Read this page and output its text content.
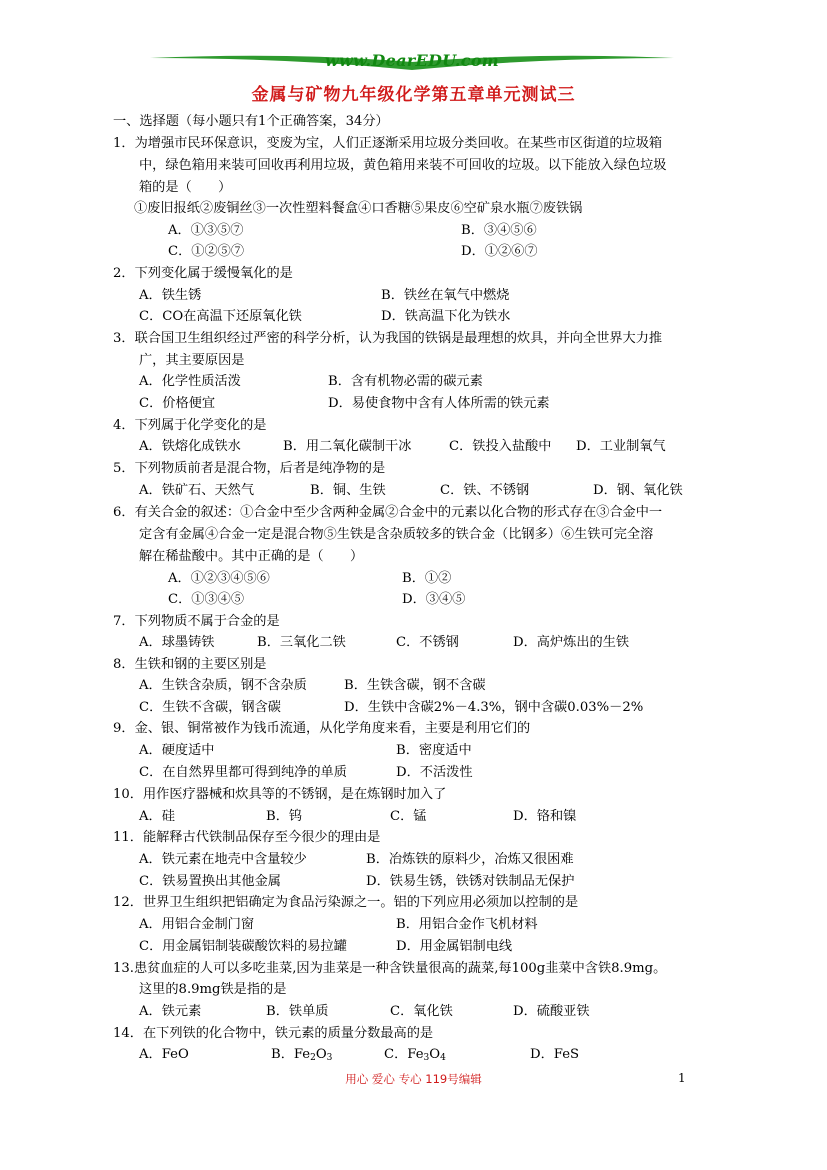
www.DearEDU.com
金属与矿物九年级化学第五章单元测试三
一、选择题（每小题只有1个正确答案，34分）
1．为增强市民环保意识，变废为宝，人们正逐渐采用垃圾分类回收。在某些市区街道的垃圾箱
中，绿色箱用来装可回收再利用垃圾，黄色箱用来装不可回收的垃圾。以下能放入绿色垃圾
箱的是（　　）
①废旧报纸②废铜丝③一次性塑料餐盒④口香糖⑤果皮⑥空矿泉水瓶⑦废铁锅
A．①③⑤⑦	B．③④⑤⑥
C．①②⑤⑦	D．①②⑥⑦
2．下列变化属于缓慢氧化的是
A．铁生锈	B．铁丝在氧气中燃烧
C．CO在高温下还原氧化铁	D．铁高温下化为铁水
3．联合国卫生组织经过严密的科学分析，认为我国的铁锅是最理想的炊具，并向全世界大力推
广，其主要原因是
A．化学性质活泼	B．含有机物必需的碳元素
C．价格便宜	D．易使食物中含有人体所需的铁元素
4．下列属于化学变化的是
A．铁熔化成铁水	B．用二氧化碳制干冰	C．铁投入盐酸中 D．工业制氧气
5．下列物质前者是混合物，后者是纯净物的是
A．铁矿石、天然气	B．铜、生铁	C．铁、不锈钢	D．钢、氧化铁
6．有关合金的叙述：①合金中至少含两种金属②合金中的元素以化合物的形式存在③合金中一
定含有金属④合金一定是混合物⑤生铁是含杂质较多的铁合金（比钢多）⑥生铁可完全溶
解在稀盐酸中。其中正确的是（　　）
A．①②③④⑤⑥	B．①②
C．①③④⑤	D．③④⑤
7．下列物质不属于合金的是
A．球墨铸铁	B．三氧化二铁	C．不锈钢	D．高炉炼出的生铁
8．生铁和钢的主要区别是
A．生铁含杂质，钢不含杂质	B．生铁含碳，钢不含碳
C．生铁不含碳，钢含碳	D．生铁中含碳2%－4.3%，钢中含碳0.03%－2%
9．金、银、铜常被作为钱币流通，从化学角度来看，主要是利用它们的
A．硬度适中	B．密度适中
C．在自然界里都可得到纯净的单质	D．不活泼性
10．用作医疗器械和炊具等的不锈钢，是在炼钢时加入了
A．硅	B．钨	C．锰	D．铬和镍
11．能解释古代铁制品保存至今很少的理由是
A．铁元素在地壳中含量较少	B．冶炼铁的原料少，冶炼又很困难
C．铁易置换出其他金属	D．铁易生锈，铁锈对铁制品无保护
12．世界卫生组织把铝确定为食品污染源之一。铝的下列应用必须加以控制的是
A．用铝合金制门窗	B．用铝合金作飞机材料
C．用金属铝制装碳酸饮料的易拉罐	D．用金属铝制电线
13.患贫血症的人可以多吃韭菜,因为韭菜是一种含铁量很高的蔬菜,每100g韭菜中含铁8.9mg。
这里的8.9mg铁是指的是
A．铁元素	B．铁单质	C．氧化铁	D．硫酸亚铁
14．在下列铁的化合物中，铁元素的质量分数最高的是
A．FeO	B．$Fe_2O_3$	C．$Fe_3O_4$	D．FeS
用心 爱心 专心 119号编辑	1
